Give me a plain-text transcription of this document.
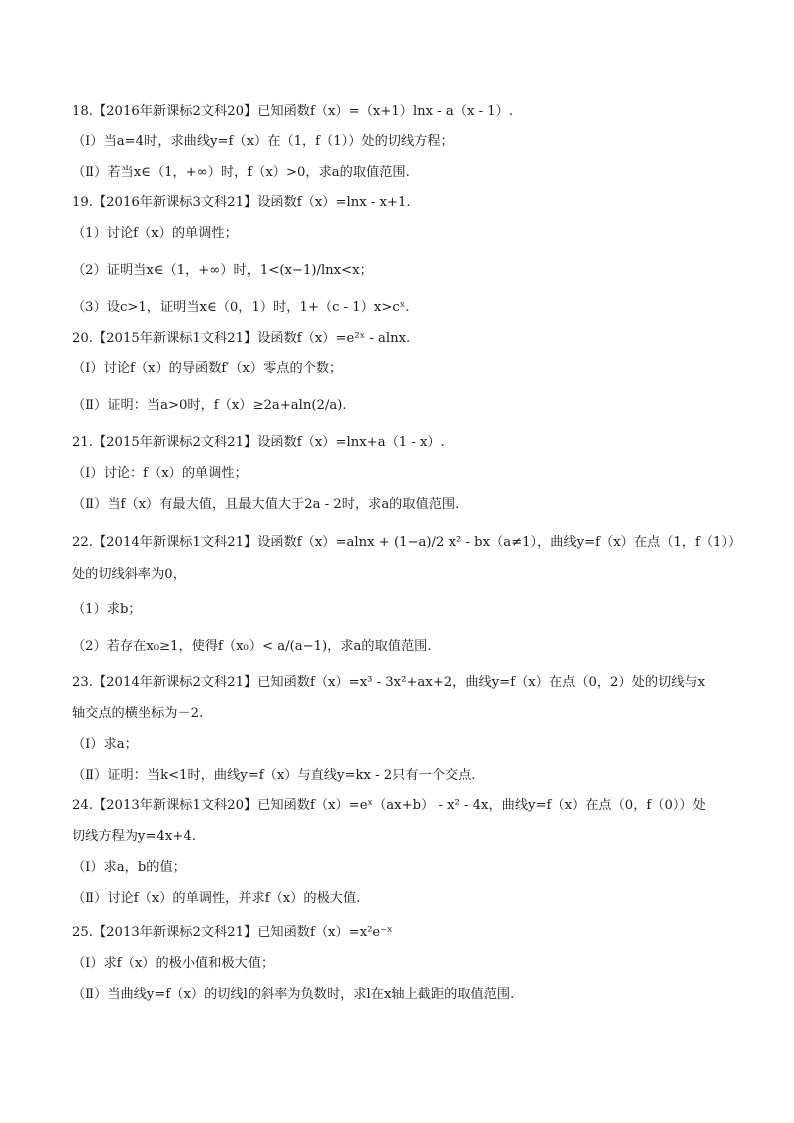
18.【2016年新课标2文科20】已知函数f（x）=（x+1）lnx - a（x - 1）.
（Ⅰ）当a=4时，求曲线y=f（x）在（1，f（1））处的切线方程；
（Ⅱ）若当x∈（1，+∞）时，f（x）>0，求a的取值范围.
19.【2016年新课标3文科21】设函数f（x）=lnx - x+1.
（1）讨论f（x）的单调性；
（2）证明当x∈（1，+∞）时，1<(x−1)/lnx<x；
（3）设c>1，证明当x∈（0，1）时，1+（c - 1）x>cˣ.
20.【2015年新课标1文科21】设函数f（x）=e²ˣ - alnx.
（Ⅰ）讨论f（x）的导函数f′（x）零点的个数；
（Ⅱ）证明：当a>0时，f（x）≥2a+aln(2/a).
21.【2015年新课标2文科21】设函数f（x）=lnx+a（1 - x）.
（Ⅰ）讨论：f（x）的单调性；
（Ⅱ）当f（x）有最大值，且最大值大于2a - 2时，求a的取值范围.
22.【2014年新课标1文科21】设函数f（x）=alnx + (1−a)/2 x² - bx（a≠1），曲线y=f（x）在点（1，f（1））
处的切线斜率为0，
（1）求b；
（2）若存在x₀≥1，使得f（x₀）< a/(a−1)，求a的取值范围.
23.【2014年新课标2文科21】已知函数f（x）=x³ - 3x²+ax+2，曲线y=f（x）在点（0，2）处的切线与x
轴交点的横坐标为－2.
（Ⅰ）求a；
（Ⅱ）证明：当k<1时，曲线y=f（x）与直线y=kx - 2只有一个交点.
24.【2013年新课标1文科20】已知函数f（x）=eˣ（ax+b） - x² - 4x，曲线y=f（x）在点（0，f（0））处
切线方程为y=4x+4.
（Ⅰ）求a，b的值；
（Ⅱ）讨论f（x）的单调性，并求f（x）的极大值.
25.【2013年新课标2文科21】已知函数f（x）=x²e⁻ˣ
（Ⅰ）求f（x）的极小值和极大值；
（Ⅱ）当曲线y=f（x）的切线l的斜率为负数时，求l在x轴上截距的取值范围.
